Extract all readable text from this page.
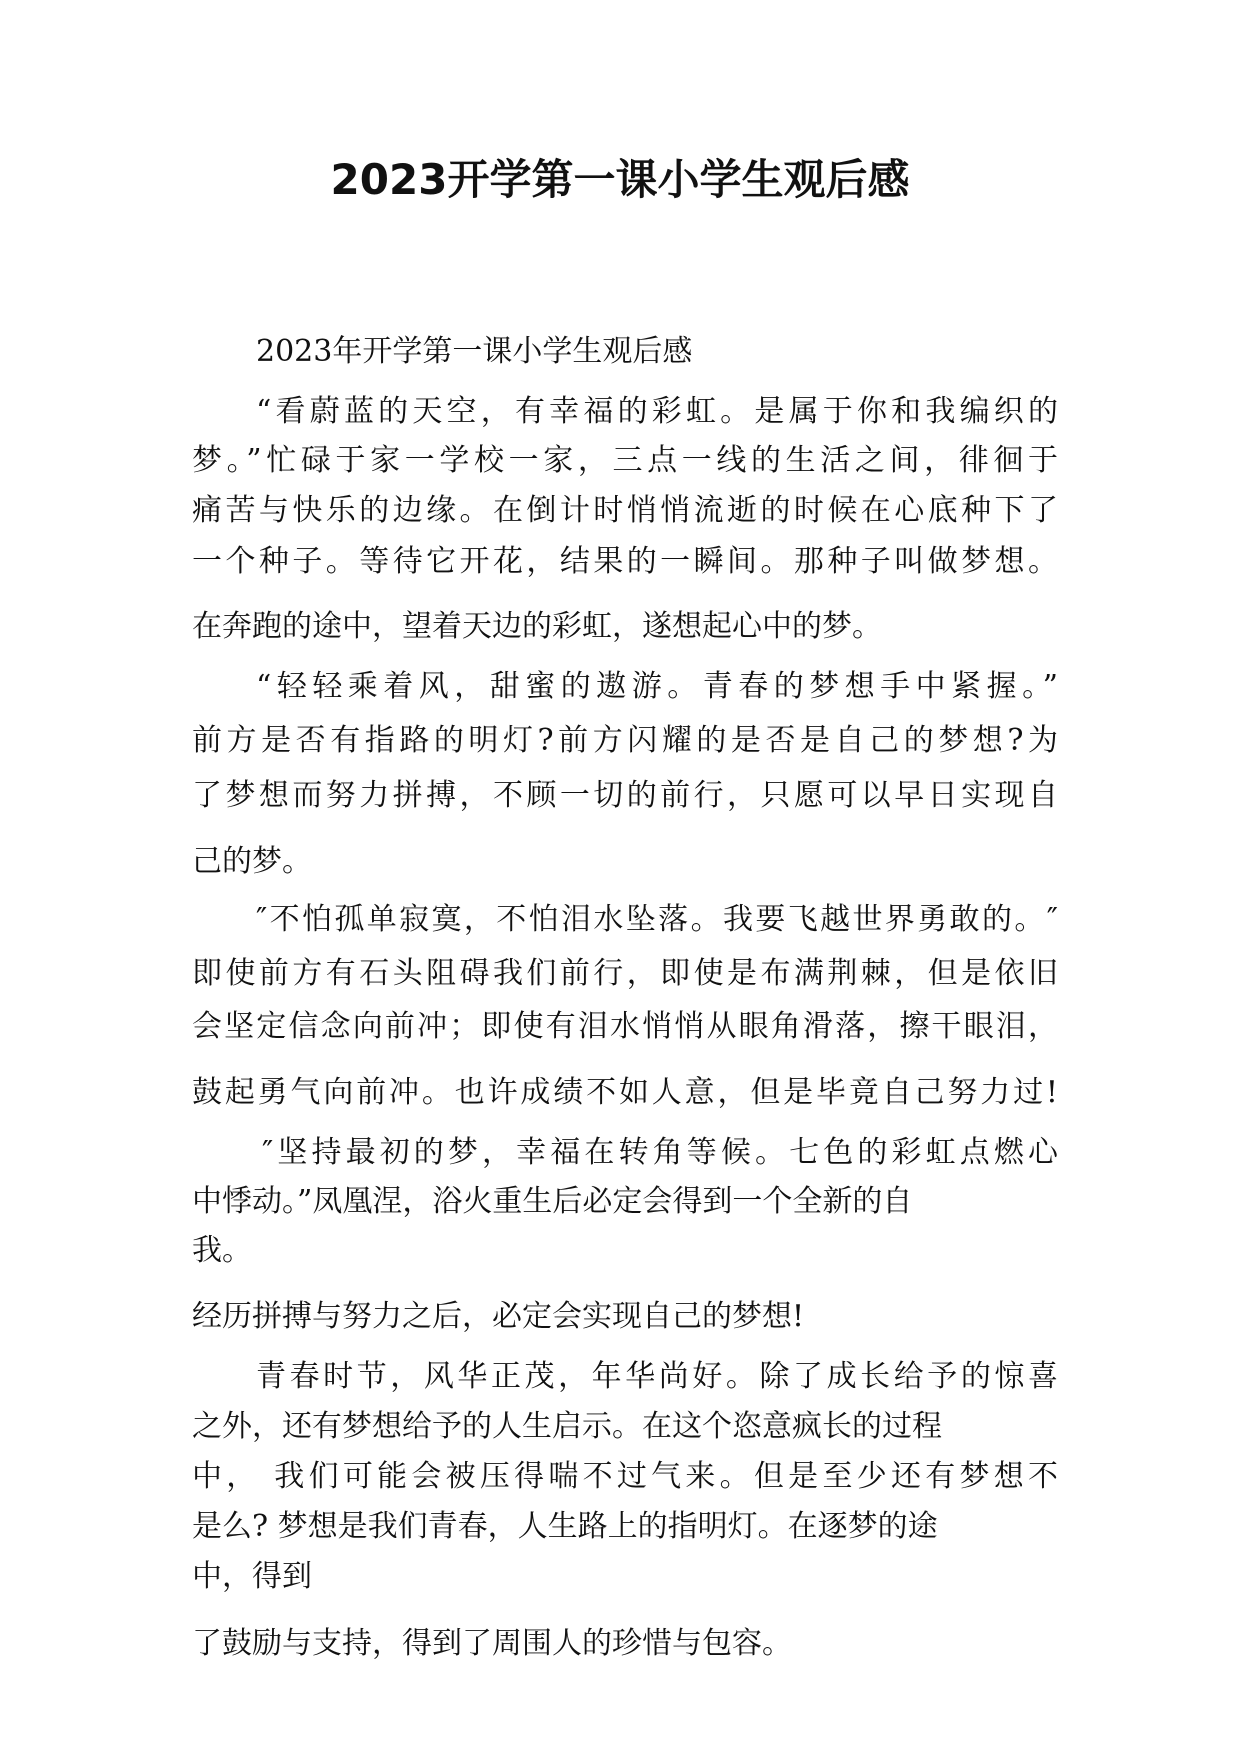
2023开学第一课小学生观后感
2023年开学第一课小学生观后感
“看蔚蓝的天空，有幸福的彩虹。是属于你和我编织的
梦。”忙碌于家一学校一家，三点一线的生活之间，徘徊于
痛苦与快乐的边缘。在倒计时悄悄流逝的时候在心底种下了
一个种子。等待它开花，结果的一瞬间。那种子叫做梦想。
在奔跑的途中，望着天边的彩虹，遂想起心中的梦。
“轻轻乘着风，甜蜜的遨游。青春的梦想手中紧握。”
前方是否有指路的明灯?前方闪耀的是否是自己的梦想?为
了梦想而努力拼搏，不顾一切的前行，只愿可以早日实现自
己的梦。
″不怕孤单寂寞，不怕泪水坠落。我要飞越世界勇敢的。″
即使前方有石头阻碍我们前行，即使是布满荆棘，但是依旧
会坚定信念向前冲；即使有泪水悄悄从眼角滑落，擦干眼泪，
鼓起勇气向前冲。也许成绩不如人意，但是毕竟自己努力过!
″坚持最初的梦，幸福在转角等候。七色的彩虹点燃心
中悸动。”凤凰涅，浴火重生后必定会得到一个全新的自
我。
经历拼搏与努力之后，必定会实现自己的梦想!
青春时节，风华正茂，年华尚好。除了成长给予的惊喜
之外，还有梦想给予的人生启示。在这个恣意疯长的过程
中， 我们可能会被压得喘不过气来。但是至少还有梦想不
是么? 梦想是我们青春，人生路上的指明灯。在逐梦的途
中，得到
了鼓励与支持，得到了周围人的珍惜与包容。
